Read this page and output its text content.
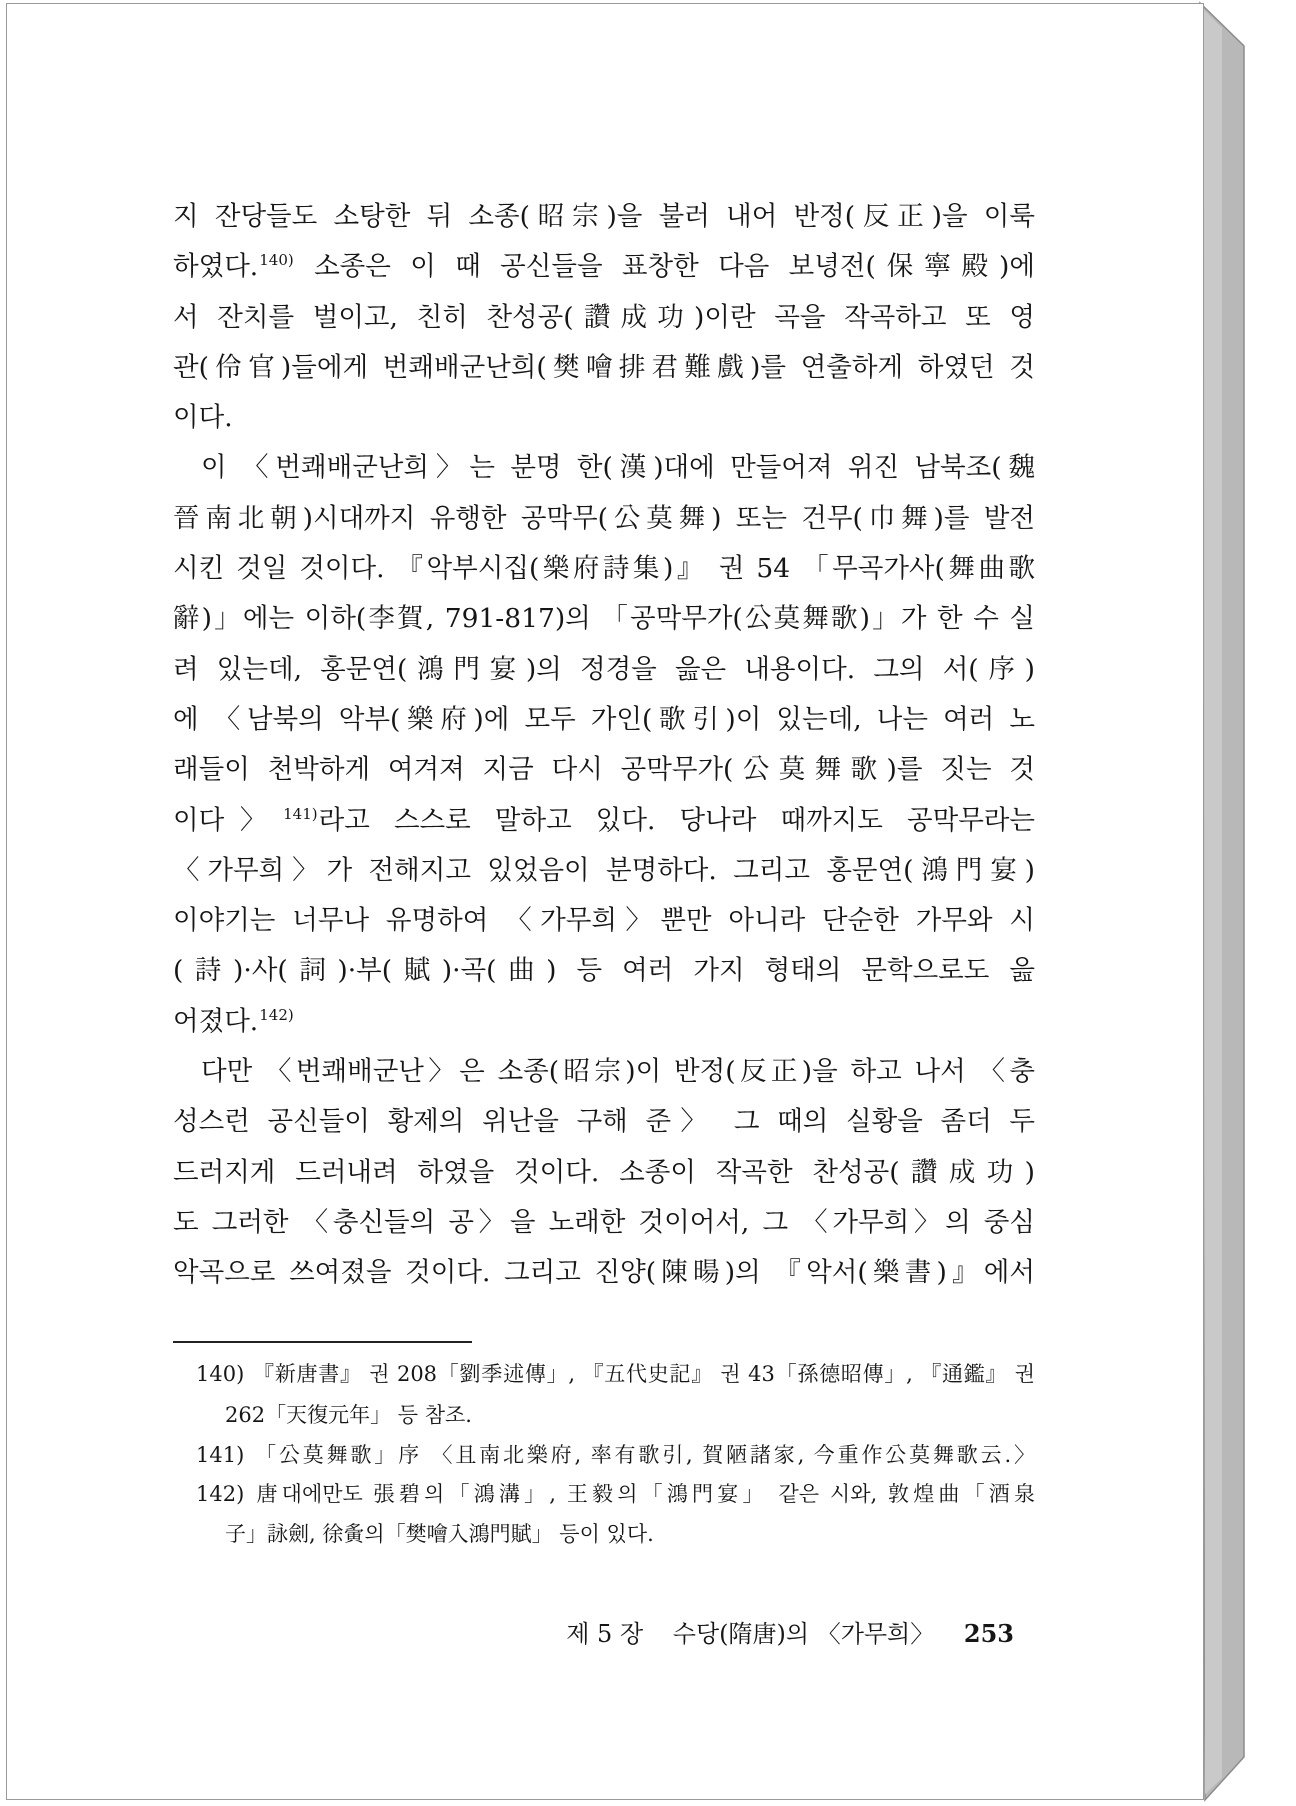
지 잔당들도 소탕한 뒤 소종(昭宗)을 불러 내어 반정(反正)을 이룩
하였다.$^{140)}$ 소종은 이 때 공신들을 표창한 다음 보녕전(保寧殿)에
서 잔치를 벌이고, 친히 찬성공(讚成功)이란 곡을 작곡하고 또 영
관(伶官)들에게 번쾌배군난희(樊噲排君難戲)를 연출하게 하였던 것
이다.
이 〈번쾌배군난희〉는 분명 한(漢)대에 만들어져 위진 남북조(魏
晉南北朝)시대까지 유행한 공막무(公莫舞) 또는 건무(巾舞)를 발전
시킨 것일 것이다. 『악부시집(樂府詩集)』 권 54 「무곡가사(舞曲歌
辭)」에는 이하(李賀, 791-817)의 「공막무가(公莫舞歌)」가 한 수 실
려 있는데, 홍문연(鴻門宴)의 정경을 읊은 내용이다. 그의 서(序)
에 〈남북의 악부(樂府)에 모두 가인(歌引)이 있는데, 나는 여러 노
래들이 천박하게 여겨져 지금 다시 공막무가(公莫舞歌)를 짓는 것
이다〉$^{141)}$라고 스스로 말하고 있다. 당나라 때까지도 공막무라는
〈가무희〉가 전해지고 있었음이 분명하다. 그리고 홍문연(鴻門宴)
이야기는 너무나 유명하여 〈가무희〉뿐만 아니라 단순한 가무와 시
(詩)·사(詞)·부(賦)·곡(曲) 등 여러 가지 형태의 문학으로도 읊
어졌다.$^{142)}$
다만 〈번쾌배군난〉은 소종(昭宗)이 반정(反正)을 하고 나서 〈충
성스런 공신들이 황제의 위난을 구해 준〉 그 때의 실황을 좀더 두
드러지게 드러내려 하였을 것이다. 소종이 작곡한 찬성공(讚成功)
도 그러한 〈충신들의 공〉을 노래한 것이어서, 그 〈가무희〉의 중심
악곡으로 쓰여졌을 것이다. 그리고 진양(陳暘)의 『악서(樂書)』에서
140) 『新唐書』 권 208「劉季述傳」, 『五代史記』 권 43「孫德昭傳」, 『通鑑』 권
262「天復元年」 등 참조.
141) 「公莫舞歌」序 〈且南北樂府, 率有歌引, 賀陋諸家, 今重作公莫舞歌云.〉
142) 唐대에만도 張碧의「鴻溝」, 王毅의「鴻門宴」 같은 시와, 敦煌曲「酒泉
子」詠劍, 徐夤의「樊噲入鴻門賦」 등이 있다.
제 5 장 수당(隋唐)의 〈가무희〉 253
